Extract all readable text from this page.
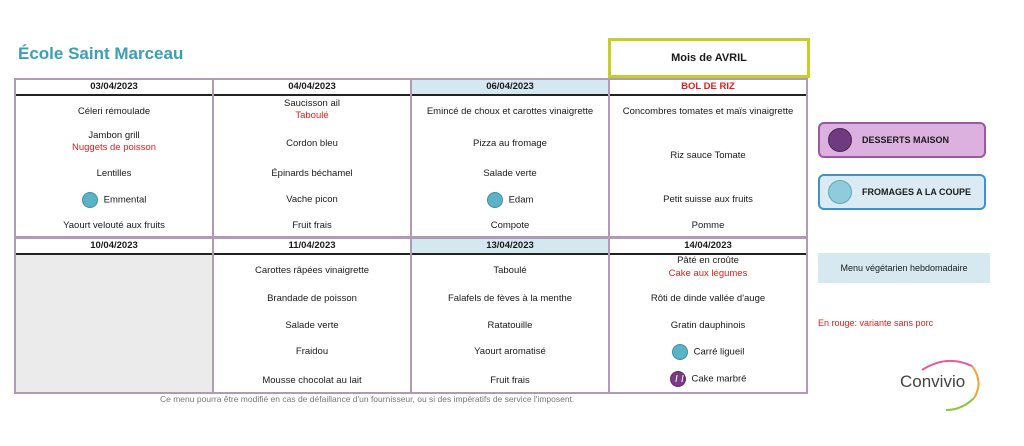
École Saint Marceau	Mois de AVRIL
03/04/2023
Céleri rémoulade
Jambon grill
Nuggets de poisson
Lentilles
Emmental
Yaourt velouté aux fruits
04/04/2023
Saucisson ail
Taboulé
Cordon bleu
Épinards béchamel
Vache picon
Fruit frais
06/04/2023
Emincé de choux et carottes vinaigrette
Pizza au fromage
Salade verte
Edam
Compote
BOL DE RIZ
Concombres tomates et maïs vinaigrette
Riz sauce Tomate
Petit suisse aux fruits
Pomme
10/04/2023	11/04/2023
Carottes râpées vinaigrette
Brandade de poisson
Salade verte
Fraidou
Mousse chocolat au lait
13/04/2023
Taboulé
Falafels de fèves à la menthe
Ratatouille
Yaourt aromatisé
Fruit frais
14/04/2023
Pâté en croûte
Cake aux légumes
Rôti de dinde vallée d'auge
Gratin dauphinois
Carré ligueil
Cake marbré
DESSERTS MAISON
FROMAGES A LA COUPE
Menu végétarien hebdomadaire
En rouge: variante sans porc
Ce menu pourra être modifié en cas de défaillance d'un fournisseur, ou si des impératifs de service l'imposent.
Convivio
